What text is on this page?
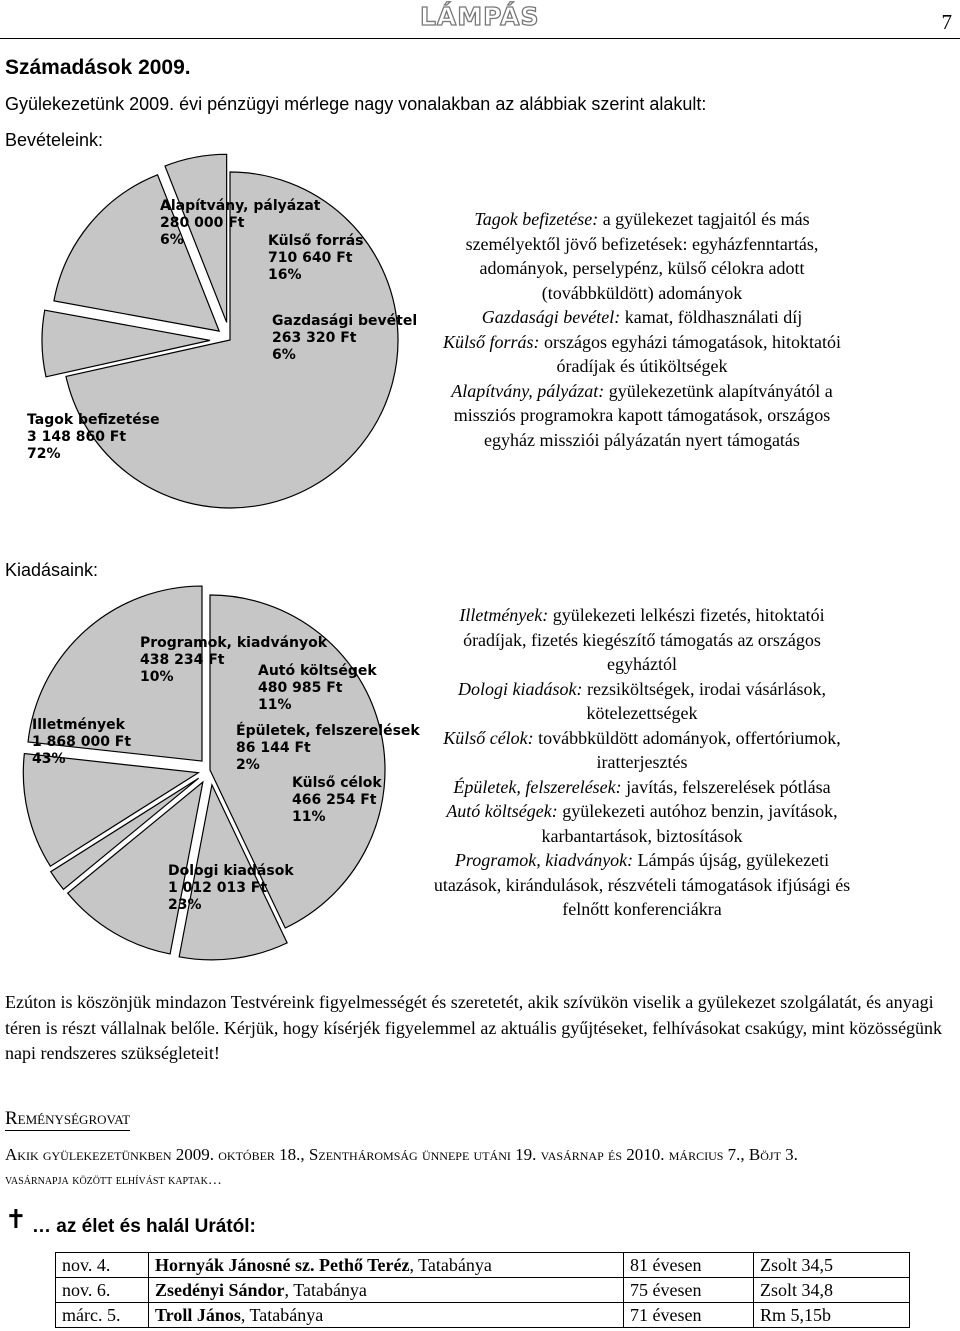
LÁMPÁS	7
Számadások 2009.
Gyülekezetünk 2009. évi pénzügyi mérlege nagy vonalakban az alábbiak szerint alakult:
Bevételeink:
Tagok befizetése 3 148 860 Ft 72%
Alapítvány, pályázat 280 000 Ft 6%	Külső forrás 710 640 Ft 16%
Gazdasági bevétel 263 320 Ft 6%
Tagok befizetése: a gyülekezet tagjaitól és más személyektől jövő befizetések: egyházfenntartás, adományok, perselypénz, külső célokra adott (továbbküldött) adományok
Gazdasági bevétel: kamat, földhasználati díj
Külső forrás: országos egyházi támogatások, hitoktatói óradíjak és útiköltségek
Alapítvány, pályázat: gyülekezetünk alapítványától a missziós programokra kapott támogatások, országos egyház missziói pályázatán nyert támogatás
Kiadásaink:
Illetmények 1 868 000 Ft 43%
Programok, kiadványok 438 234 Ft 10%	Autó költségek 480 985 Ft 11%
Épületek, felszerelések 86 144 Ft 2%
Külső célok 466 254 Ft 11%
Dologi kiadások 1 012 013 Ft 23%
Illetmények: gyülekezeti lelkészi fizetés, hitoktatói óradíjak, fizetés kiegészítő támogatás az országos egyháztól
Dologi kiadások: rezsiköltségek, irodai vásárlások, kötelezettségek
Külső célok: továbbküldött adományok, offertóriumok, iratterjesztés
Épületek, felszerelések: javítás, felszerelések pótlása
Autó költségek: gyülekezeti autóhoz benzin, javítások, karbantartások, biztosítások
Programok, kiadványok: Lámpás újság, gyülekezeti utazások, kirándulások, részvételi támogatások ifjúsági és felnőtt konferenciákra
Ezúton is köszönjük mindazon Testvéreink figyelmességét és szeretetét, akik szívükön viselik a gyülekezet szolgálatát, és anyagi téren is részt vállalnak belőle. Kérjük, hogy kísérjék figyelemmel az aktuális gyűjtéseket, felhívásokat csakúgy, mint közösségünk napi rendszeres szükségleteit!
Reménységrovat
Akik gyülekezetünkben 2009. október 18., Szentháromság ünnepe utáni 19. vasárnap és 2010. március 7., Böjt 3.
vasárnapja között elhívást kaptak…
✝ … az élet és halál Urától:
nov. 4.	Hornyák Jánosné sz. Pethő Teréz, Tatabánya	81 évesen	Zsolt 34,5
nov. 6.	Zsedényi Sándor, Tatabánya	75 évesen	Zsolt 34,8
márc. 5.	Troll János, Tatabánya	71 évesen	Rm 5,15b
